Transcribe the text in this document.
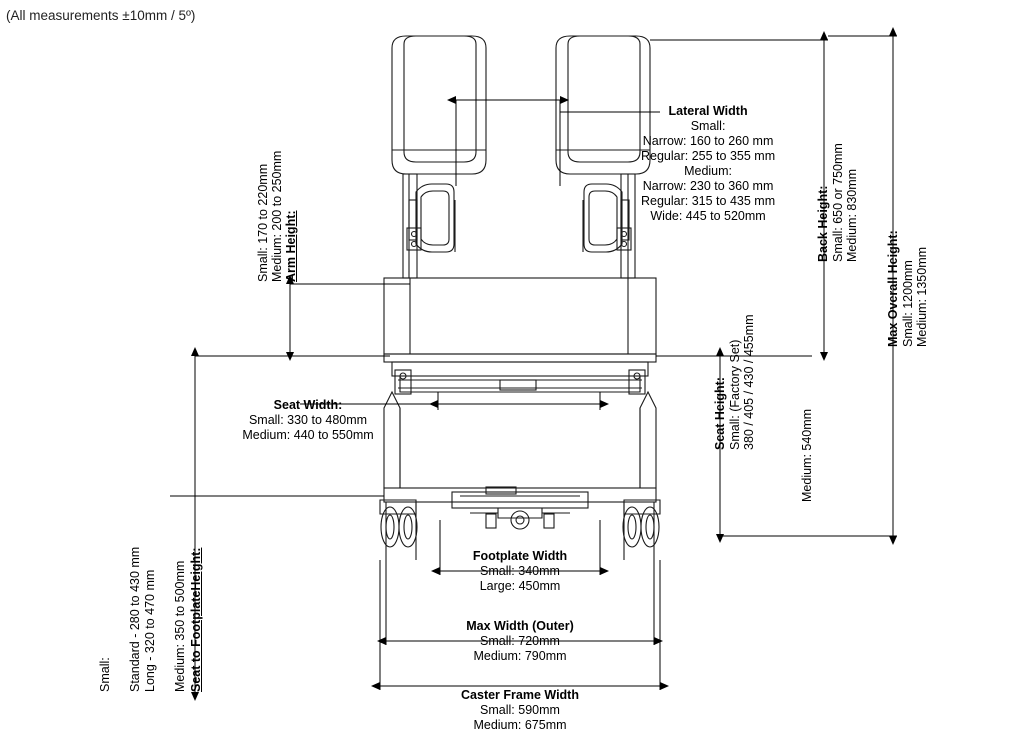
(All measurements ±10mm / 5º)
Lateral Width
Small:
Narrow: 160 to 260 mm
Regular: 255 to 355 mm
Medium:
Narrow: 230 to 360 mm
Regular: 315 to 435 mm
Wide: 445 to 520mm
Seat Width:
Small: 330 to 480mm
Medium: 440 to 550mm
Footplate Width
Small: 340mm
Large: 450mm
Max Width (Outer)
Small: 720mm
Medium: 790mm
Caster Frame Width
Small: 590mm
Medium: 675mm
Arm Height:
Medium: 200 to 250mm
Small: 170 to 220mm	Back Height: Small: 650 or 750mm Medium: 830mm
Max Overall Height: Small: 1200mm Medium: 1350mm
Seat Height: Small: (Factory Set) 380 / 405 / 430 / 455mm
Medium: 540mm
Seat to FootplateHeight:
Medium: 350 to 500mm
Long - 320 to 470 mm
Standard - 280 to 430 mm
Small:
